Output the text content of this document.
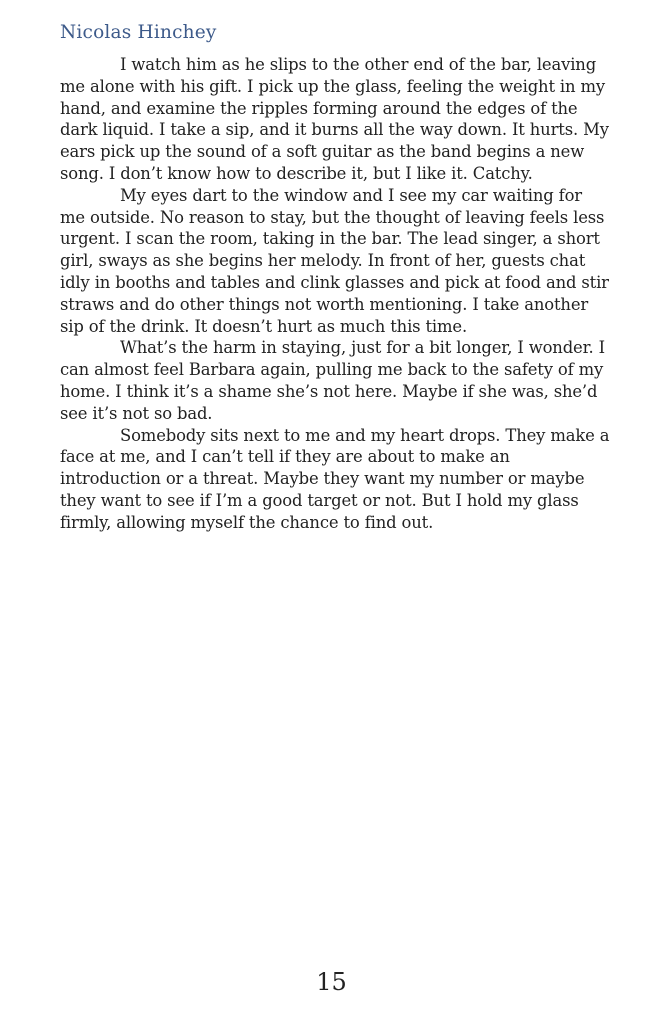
Nicolas Hinchey

I watch him as he slips to the other end of the bar, leaving me alone with his gift. I pick up the glass, feeling the weight in my hand, and examine the ripples forming around the edges of the dark liquid. I take a sip, and it burns all the way down. It hurts. My ears pick up the sound of a soft guitar as the band begins a new song. I don’t know how to describe it, but I like it. Catchy.

My eyes dart to the window and I see my car waiting for me outside. No reason to stay, but the thought of leaving feels less urgent. I scan the room, taking in the bar. The lead singer, a short girl, sways as she begins her melody. In front of her, guests chat idly in booths and tables and clink glasses and pick at food and stir straws and do other things not worth mentioning. I take another sip of the drink. It doesn’t hurt as much this time.

What’s the harm in staying, just for a bit longer, I wonder. I can almost feel Barbara again, pulling me back to the safety of my home. I think it’s a shame she’s not here. Maybe if she was, she’d see it’s not so bad.

Somebody sits next to me and my heart drops. They make a face at me, and I can’t tell if they are about to make an introduction or a threat. Maybe they want my number or maybe they want to see if I’m a good target or not. But I hold my glass firmly, allowing myself the chance to find out.

15
